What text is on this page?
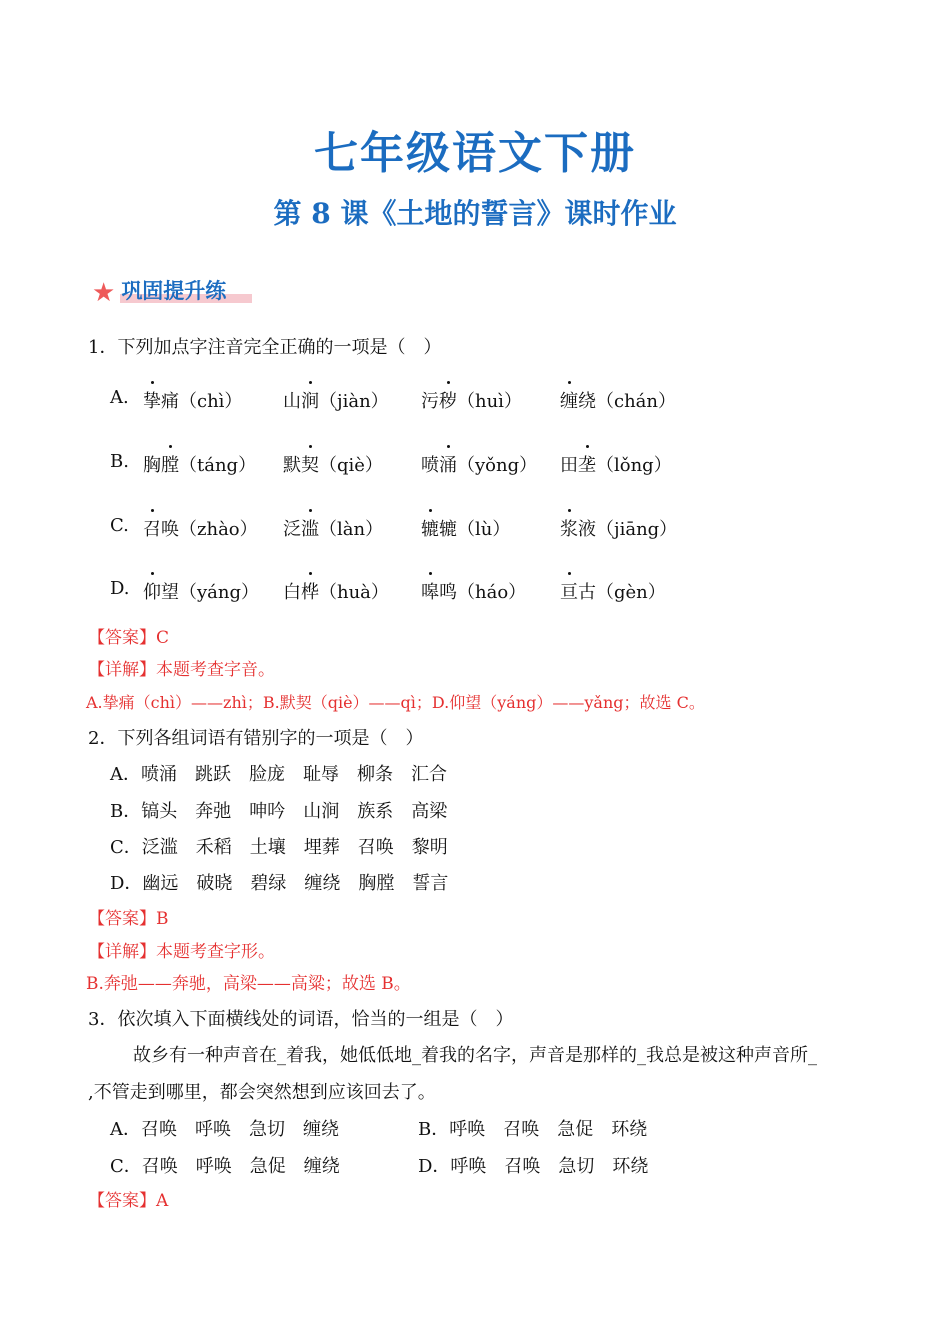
七年级语文下册
第 8 课《土地的誓言》课时作业
★ 巩固提升练
1．下列加点字注音完全正确的一项是（　）
A. 挚痛（chì） 山涧（jiàn） 污秽（huì） 缠绕（chán）
B. 胸膛（táng） 默契（qiè） 喷涌（yǒng） 田垄（lǒng）
C. 召唤（zhào） 泛滥（làn） 辘辘（lù）	浆液（jiāng）
D. 仰望（yáng） 白桦（huà） 嗥鸣（háo） 亘古（gèn）
【答案】C
【详解】本题考查字音。
A.挚痛（chì）——zhì；B.默契（qiè）——qì；D.仰望（yáng）——yǎng；故选 C。
2．下列各组词语有错别字的一项是（　）
A．喷涌　跳跃　脸庞　耻辱　柳条　汇合
B．镐头　奔弛　呻吟　山涧　族系　高梁
C．泛滥　禾稻　土壤　埋葬　召唤　黎明
D．幽远　破晓　碧绿　缠绕　胸膛　誓言
【答案】B
【详解】本题考查字形。
B.奔弛——奔驰，高梁——高粱；故选 B。
3．依次填入下面横线处的词语，恰当的一组是（　）
故乡有一种声音在_着我，她低低地_着我的名字，声音是那样的_我总是被这种声音所_
,不管走到哪里，都会突然想到应该回去了。
A．召唤　呼唤　急切　缠绕	B．呼唤　召唤　急促　环绕
C．召唤　呼唤　急促　缠绕	D．呼唤　召唤　急切　环绕
【答案】A
